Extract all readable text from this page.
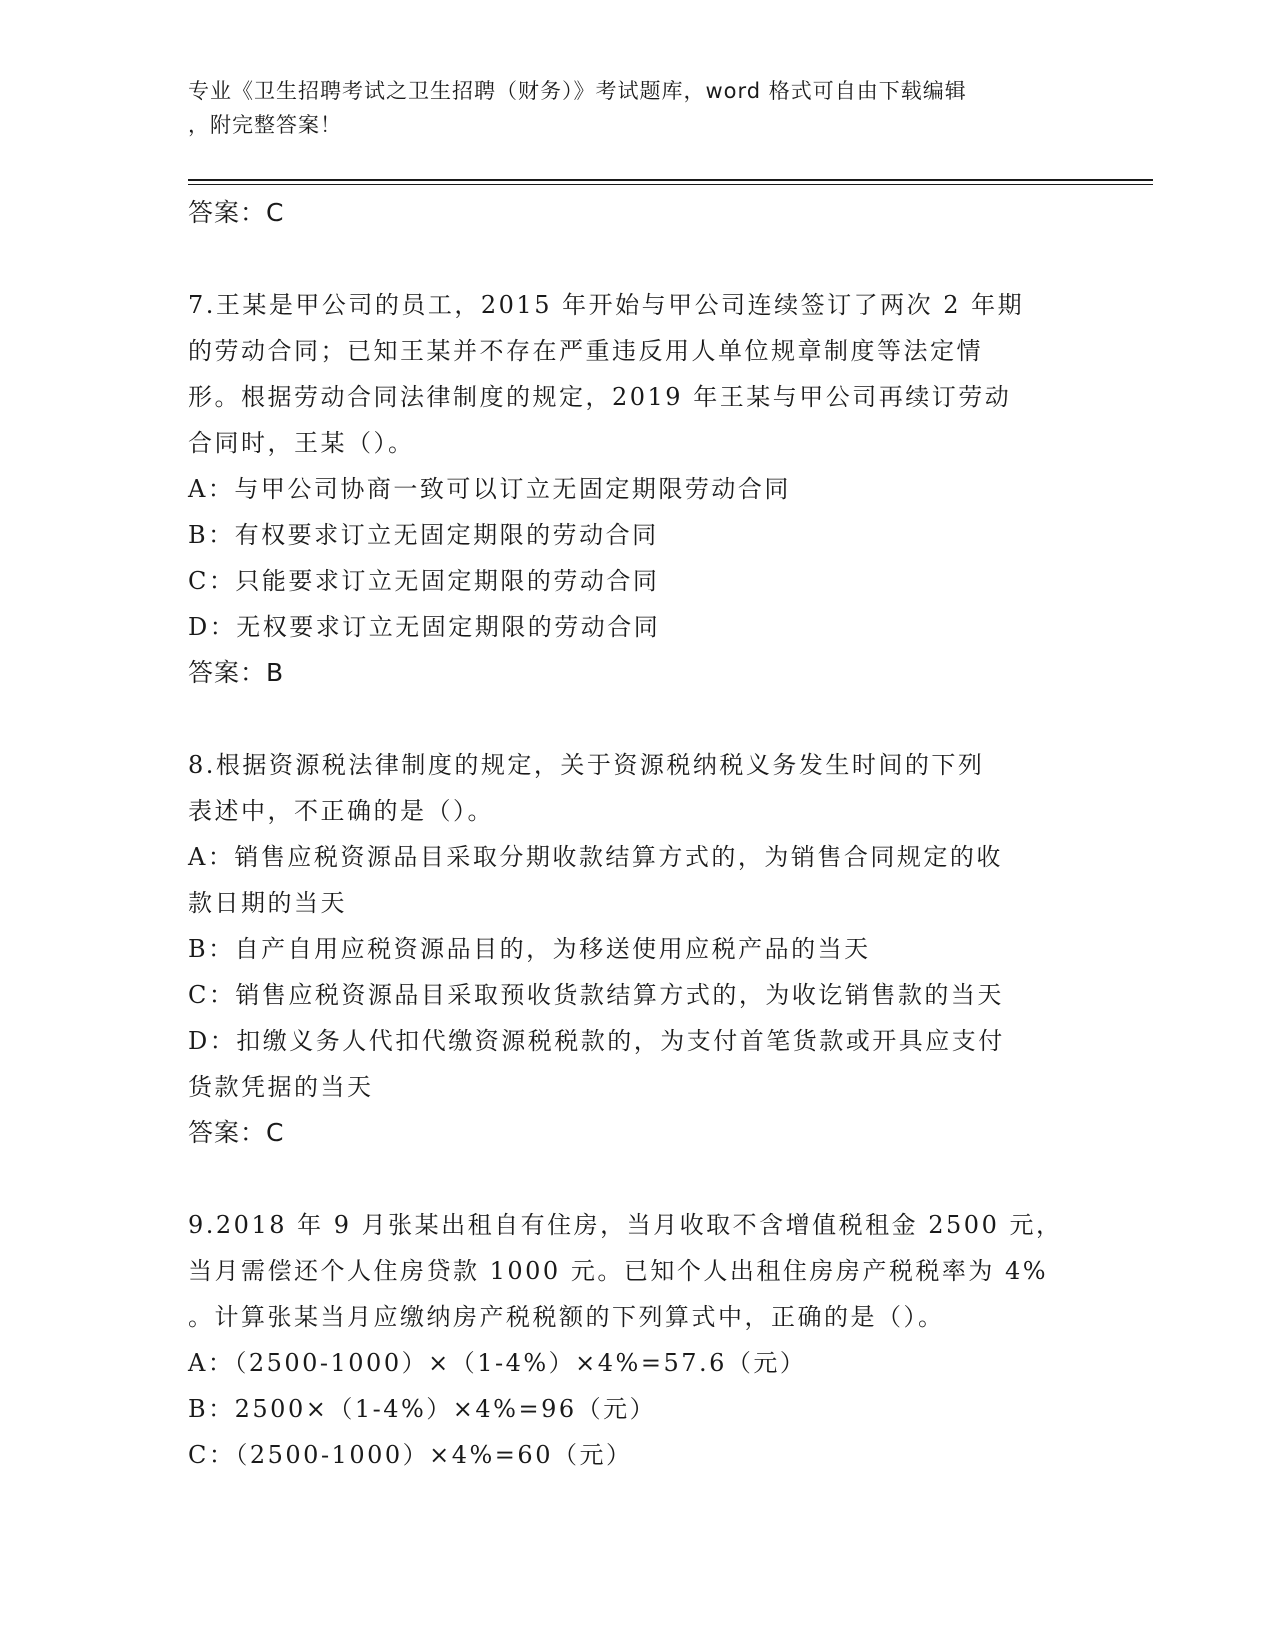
专业《卫生招聘考试之卫生招聘（财务）》考试题库，word 格式可自由下载编辑
，附完整答案！
答案：C
7.王某是甲公司的员工，2015 年开始与甲公司连续签订了两次 2 年期
的劳动合同；已知王某并不存在严重违反用人单位规章制度等法定情
形。根据劳动合同法律制度的规定，2019 年王某与甲公司再续订劳动
合同时，王某（）。
A：与甲公司协商一致可以订立无固定期限劳动合同
B：有权要求订立无固定期限的劳动合同
C：只能要求订立无固定期限的劳动合同
D：无权要求订立无固定期限的劳动合同
答案：B
8.根据资源税法律制度的规定，关于资源税纳税义务发生时间的下列
表述中，不正确的是（）。
A：销售应税资源品目采取分期收款结算方式的，为销售合同规定的收
款日期的当天
B：自产自用应税资源品目的，为移送使用应税产品的当天
C：销售应税资源品目采取预收货款结算方式的，为收讫销售款的当天
D：扣缴义务人代扣代缴资源税税款的，为支付首笔货款或开具应支付
货款凭据的当天
答案：C
9.2018 年 9 月张某出租自有住房，当月收取不含增值税租金 2500 元，
当月需偿还个人住房贷款 1000 元。已知个人出租住房房产税税率为 4%
。计算张某当月应缴纳房产税税额的下列算式中，正确的是（）。
A：（2500-1000）×（1-4%）×4%=57.6（元）
B：2500×（1-4%）×4%=96（元）
C：（2500-1000）×4%=60（元）
